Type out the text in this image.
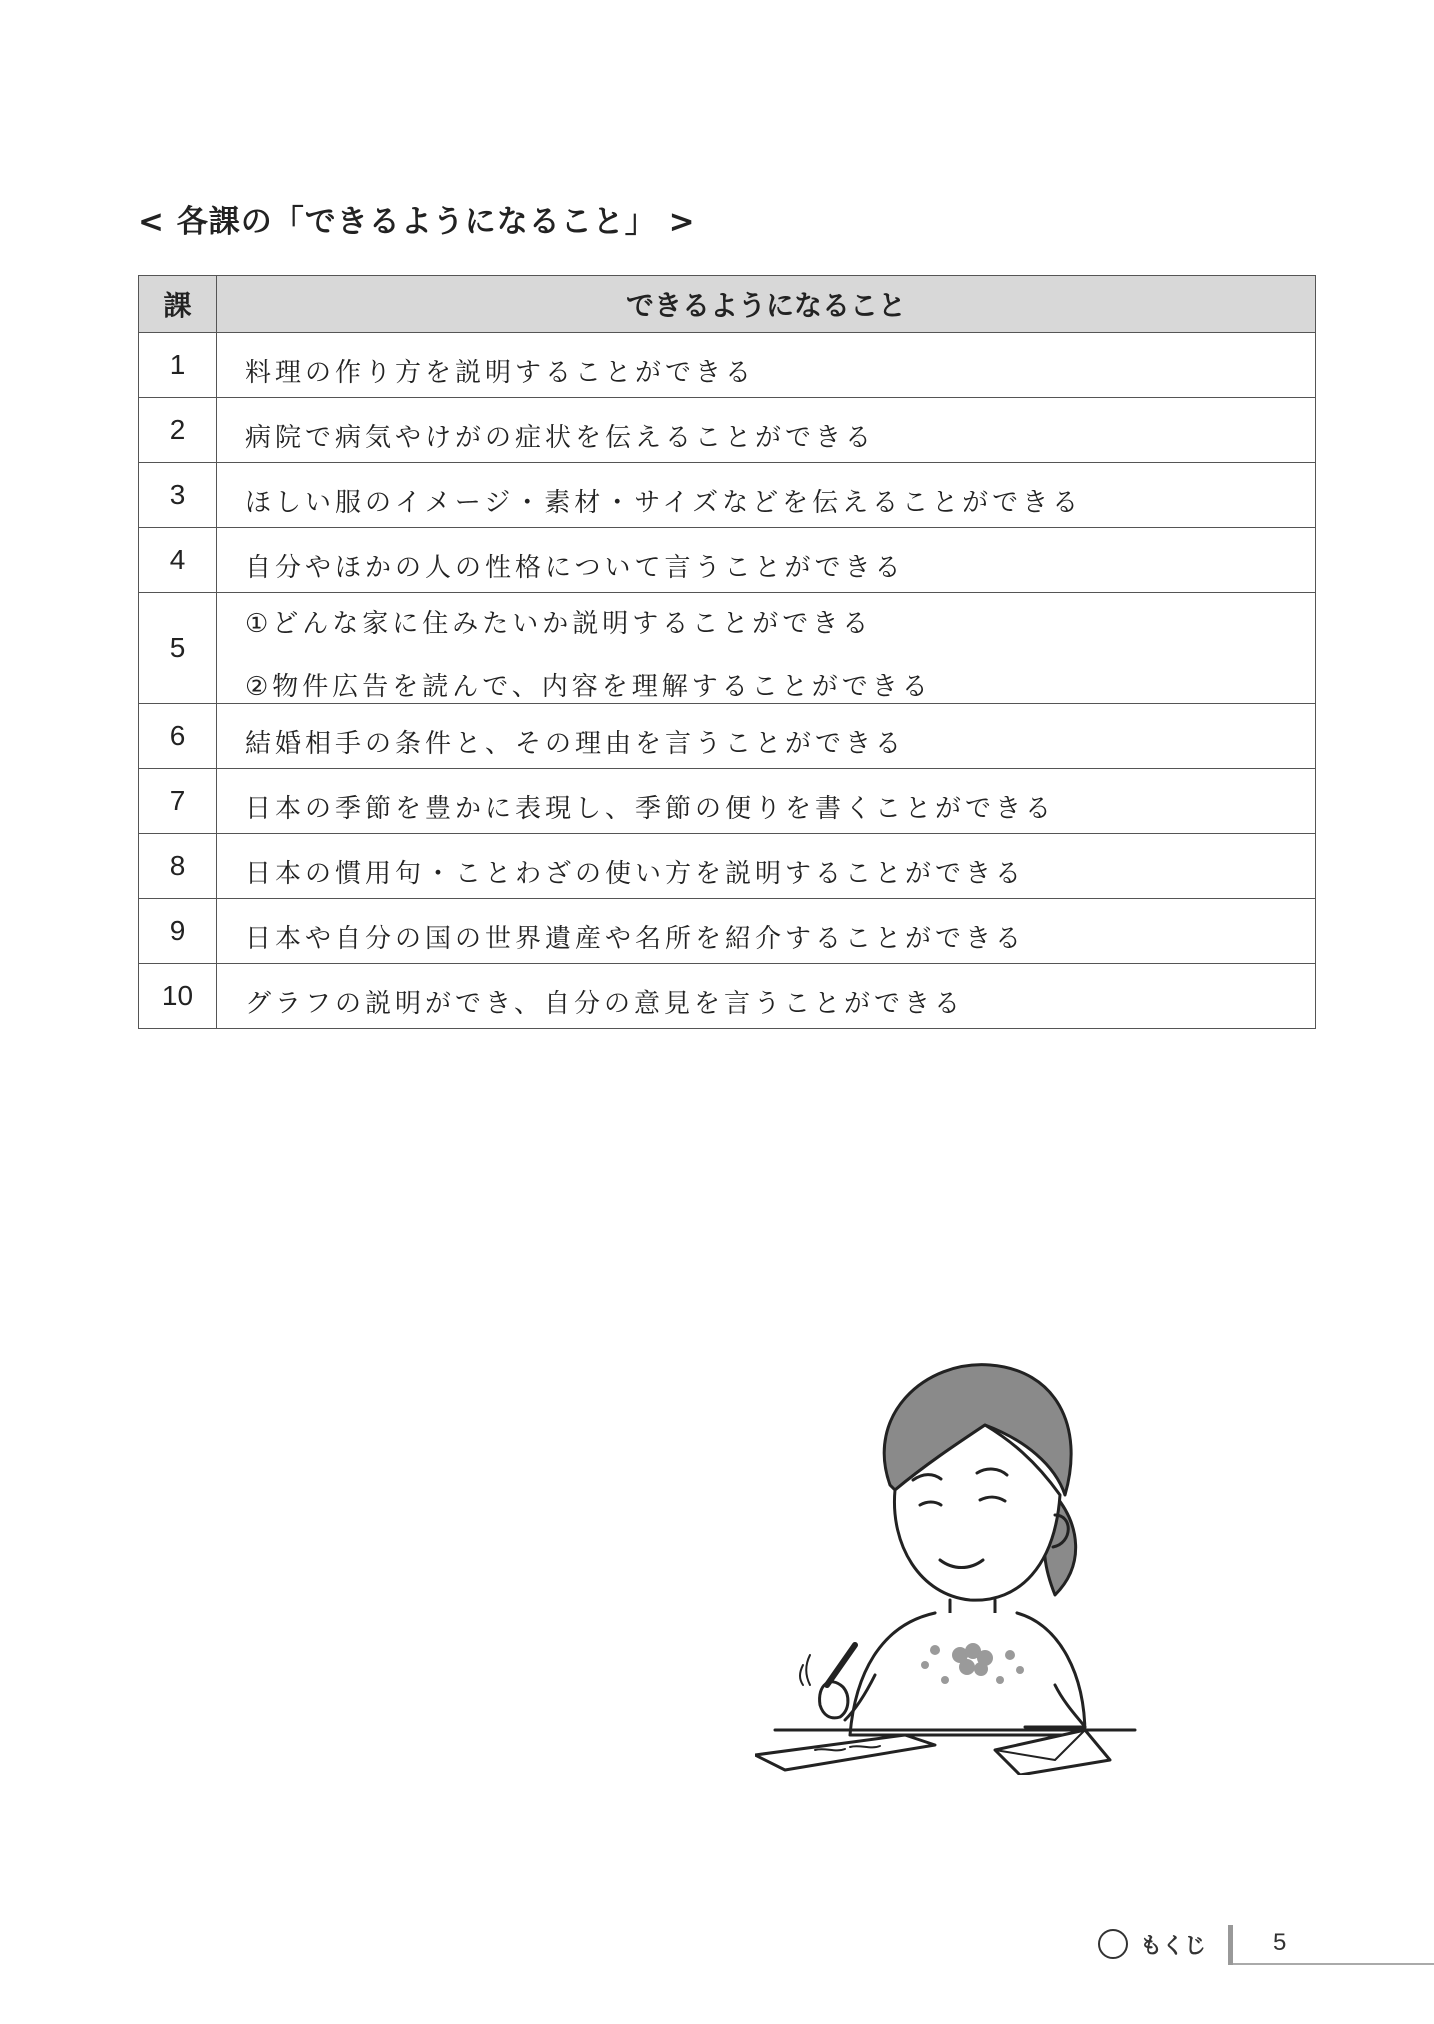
< 各課の「できるようになること」 >
課	できるようになること
1	料理の作り方を説明することができる

2	病院で病気やけがの症状を伝えることができる

3	ほしい服のイメージ・素材・サイズなどを伝えることができる

4	自分やほかの人の性格について言うことができる

5	①どんな家に住みたいか説明することができる
②物件広告を読んで、内容を理解することができる

6	結婚相手の条件と、その理由を言うことができる

7	日本の季節を豊かに表現し、季節の便りを書くことができる

8	日本の慣用句・ことわざの使い方を説明することができる

9	日本や自分の国の世界遺産や名所を紹介することができる

10	グラフの説明ができ、自分の意見を言うことができる
もくじ	5
